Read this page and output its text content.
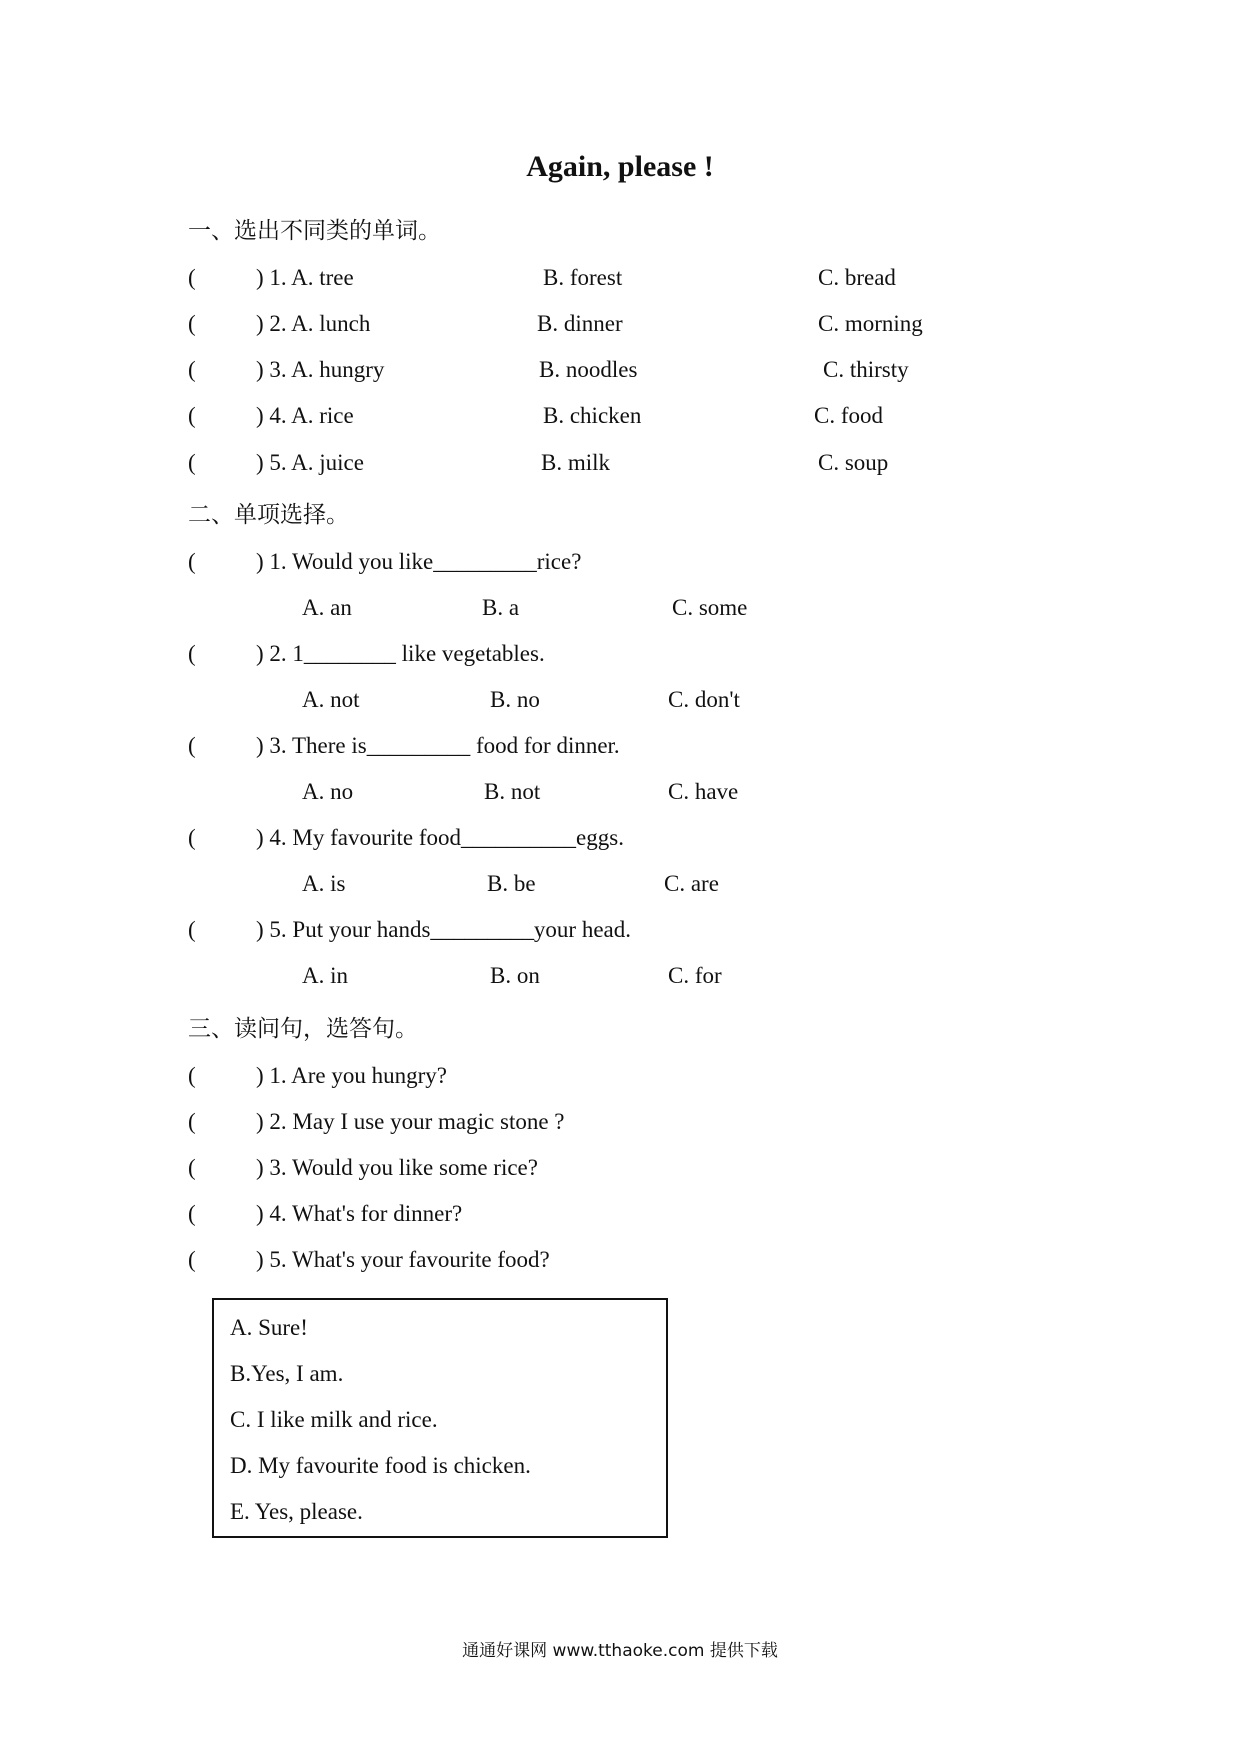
Again, please !
一、选出不同类的单词。
(	) 1. A. tree	B. forest	C. bread
(	) 2. A. lunch	B. dinner	C. morning
(	) 3. A. hungry	B. noodles	C. thirsty
(	) 4. A. rice	B. chicken	C. food
(	) 5. A. juice	B. milk	C. soup
二、单项选择。
(	) 1. Would you like_________rice?
A. an	B. a	C. some
(	) 2. 1________ like vegetables.
A. not	B. no	C. don't
(	) 3. There is_________ food for dinner.
A. no	B. not	C. have
(	) 4. My favourite food__________eggs.
A. is	B. be	C. are
(	) 5. Put your hands_________your head.
A. in	B. on	C. for
三、读问句，选答句。
(	) 1. Are you hungry?
(	) 2. May I use your magic stone ?
(	) 3. Would you like some rice?
(	) 4. What's for dinner?
(	) 5. What's your favourite food?
A. Sure!
B.Yes, I am.
C. I like milk and rice.
D. My favourite food is chicken.
E. Yes, please.
通通好课网 www.tthaoke.com 提供下载
